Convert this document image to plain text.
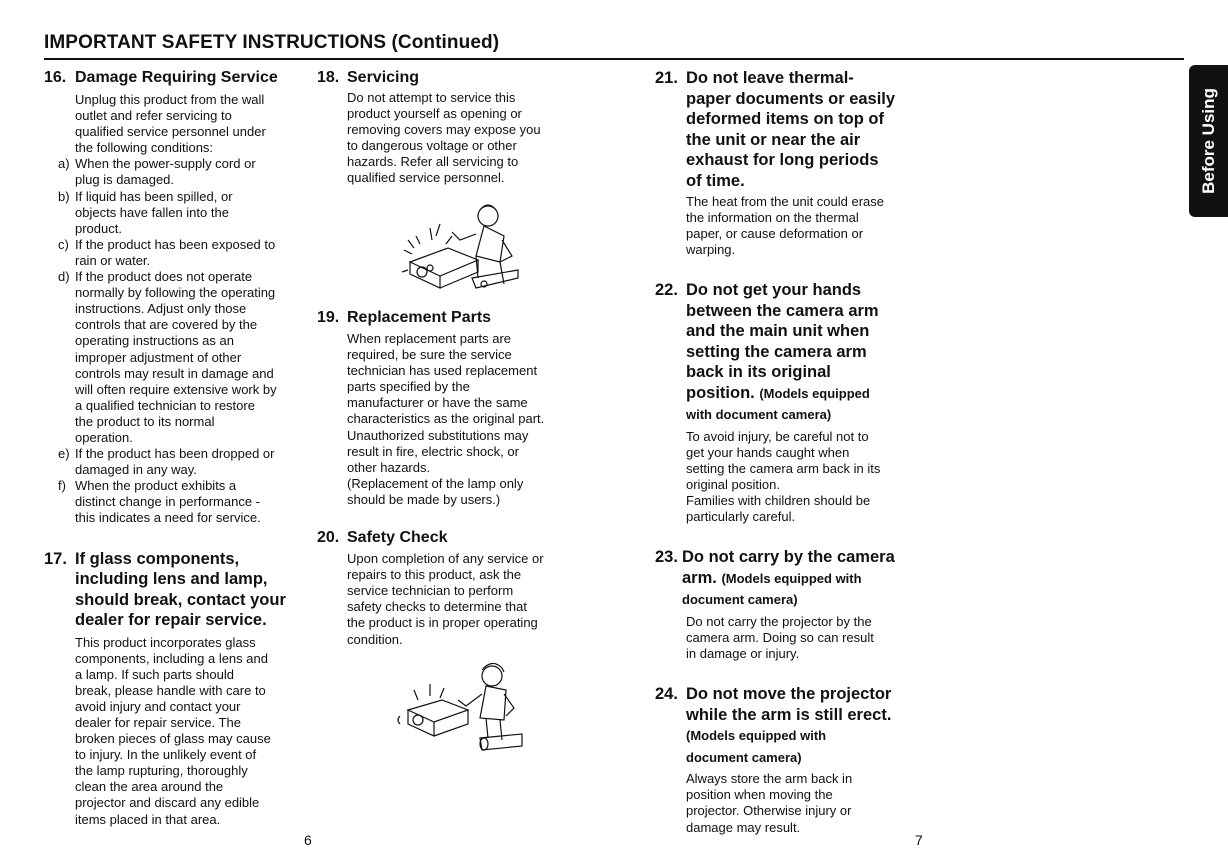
IMPORTANT SAFETY INSTRUCTIONS (Continued)
Before Using
16. Damage Requiring Service
Unplug this product from the wall
outlet and refer servicing to
qualified service personnel under
the following conditions:
a) When the power-supply cord or
plug is damaged.
b) If liquid has been spilled, or
objects have fallen into the
product.
c) If the product has been exposed to
rain or water.
d) If the product does not operate
normally by following the operating
instructions. Adjust only those
controls that are covered by the
operating instructions as an
improper adjustment of other
controls may result in damage and
will often require extensive work by
a qualified technician to restore
the product to its normal
operation.
e) If the product has been dropped or
damaged in any way.
f) When the product exhibits a
distinct change in performance -
this indicates a need for service.
17. If glass components,
including lens and lamp,
should break, contact your
dealer for repair service.
This product incorporates glass
components, including a lens and
a lamp. If such parts should
break, please handle with care to
avoid injury and contact your
dealer for repair service. The
broken pieces of glass may cause
to injury. In the unlikely event of
the lamp rupturing, thoroughly
clean the area around the
projector and discard any edible
items placed in that area.
18. Servicing
Do not attempt to service this
product yourself as opening or
removing covers may expose you
to dangerous voltage or other
hazards. Refer all servicing to
qualified service personnel.
19. Replacement Parts
When replacement parts are
required, be sure the service
technician has used replacement
parts specified by the
manufacturer or have the same
characteristics as the original part.
Unauthorized substitutions may
result in fire, electric shock, or
other hazards.
(Replacement of the lamp only
should be made by users.)
20. Safety Check
Upon completion of any service or
repairs to this product, ask the
service technician to perform
safety checks to determine that
the product is in proper operating
condition.
21. Do not leave thermal-
paper documents or easily
deformed items on top of
the unit or near the air
exhaust for long periods
of time.
The heat from the unit could erase
the information on the thermal
paper, or cause deformation or
warping.
22. Do not get your hands
between the camera arm
and the main unit when
setting the camera arm
back in its original
position. (Models equipped
with document camera)
To avoid injury, be careful not to
get your hands caught when
setting the camera arm back in its
original position.
Families with children should be
particularly careful.
23. Do not carry by the camera
arm. (Models equipped with
document camera)
Do not carry the projector by the
camera arm. Doing so can result
in damage or injury.
24. Do not move the projector
while the arm is still erect.
(Models equipped with
document camera)
Always store the arm back in
position when moving the
projector. Otherwise injury or
damage may result.
6	7
